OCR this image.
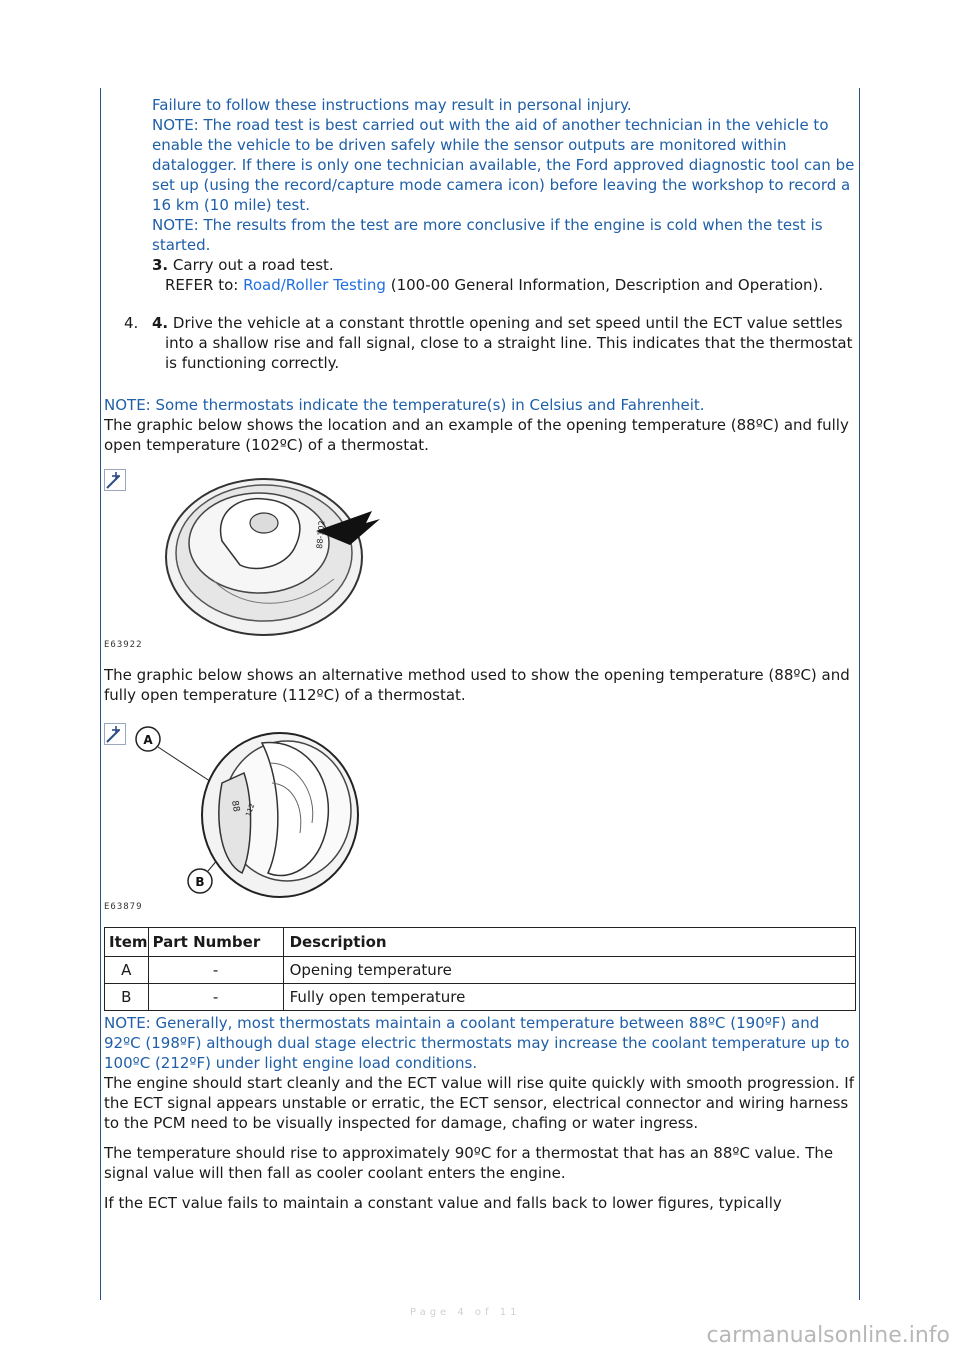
Failure to follow these instructions may result in personal injury.

NOTE: The road test is best carried out with the aid of another technician in the vehicle to enable the vehicle to be driven safely while the sensor outputs are monitored within datalogger. If there is only one technician available, the Ford approved diagnostic tool can be set up (using the record/capture mode camera icon) before leaving the workshop to record a 16 km (10 mile) test.

NOTE: The results from the test are more conclusive if the engine is cold when the test is started.

3. Carry out a road test.

REFER to: Road/Roller Testing (100-00 General Information, Description and Operation).

4. 4. Drive the vehicle at a constant throttle opening and set speed until the ECT value settles into a shallow rise and fall signal, close to a straight line. This indicates that the thermostat is functioning correctly.

NOTE: Some thermostats indicate the temperature(s) in Celsius and Fahrenheit.

The graphic below shows the location and an example of the opening temperature (88ºC) and fully open temperature (102ºC) of a thermostat.

88-102
E63922

The graphic below shows an alternative method used to show the opening temperature (88ºC) and fully open temperature (112ºC) of a thermostat.

A
B
88 112
E63879
Item	Part Number	Description
A	-	Opening temperature
B	-	Fully open temperature

NOTE: Generally, most thermostats maintain a coolant temperature between 88ºC (190ºF) and 92ºC (198ºF) although dual stage electric thermostats may increase the coolant temperature up to 100ºC (212ºF) under light engine load conditions.

The engine should start cleanly and the ECT value will rise quite quickly with smooth progression. If the ECT signal appears unstable or erratic, the ECT sensor, electrical connector and wiring harness to the PCM need to be visually inspected for damage, chafing or water ingress.

The temperature should rise to approximately 90ºC for a thermostat that has an 88ºC value. The signal value will then fall as cooler coolant enters the engine.

If the ECT value fails to maintain a constant value and falls back to lower figures, typically

Page 4 of 11
carmanualsonline.info
